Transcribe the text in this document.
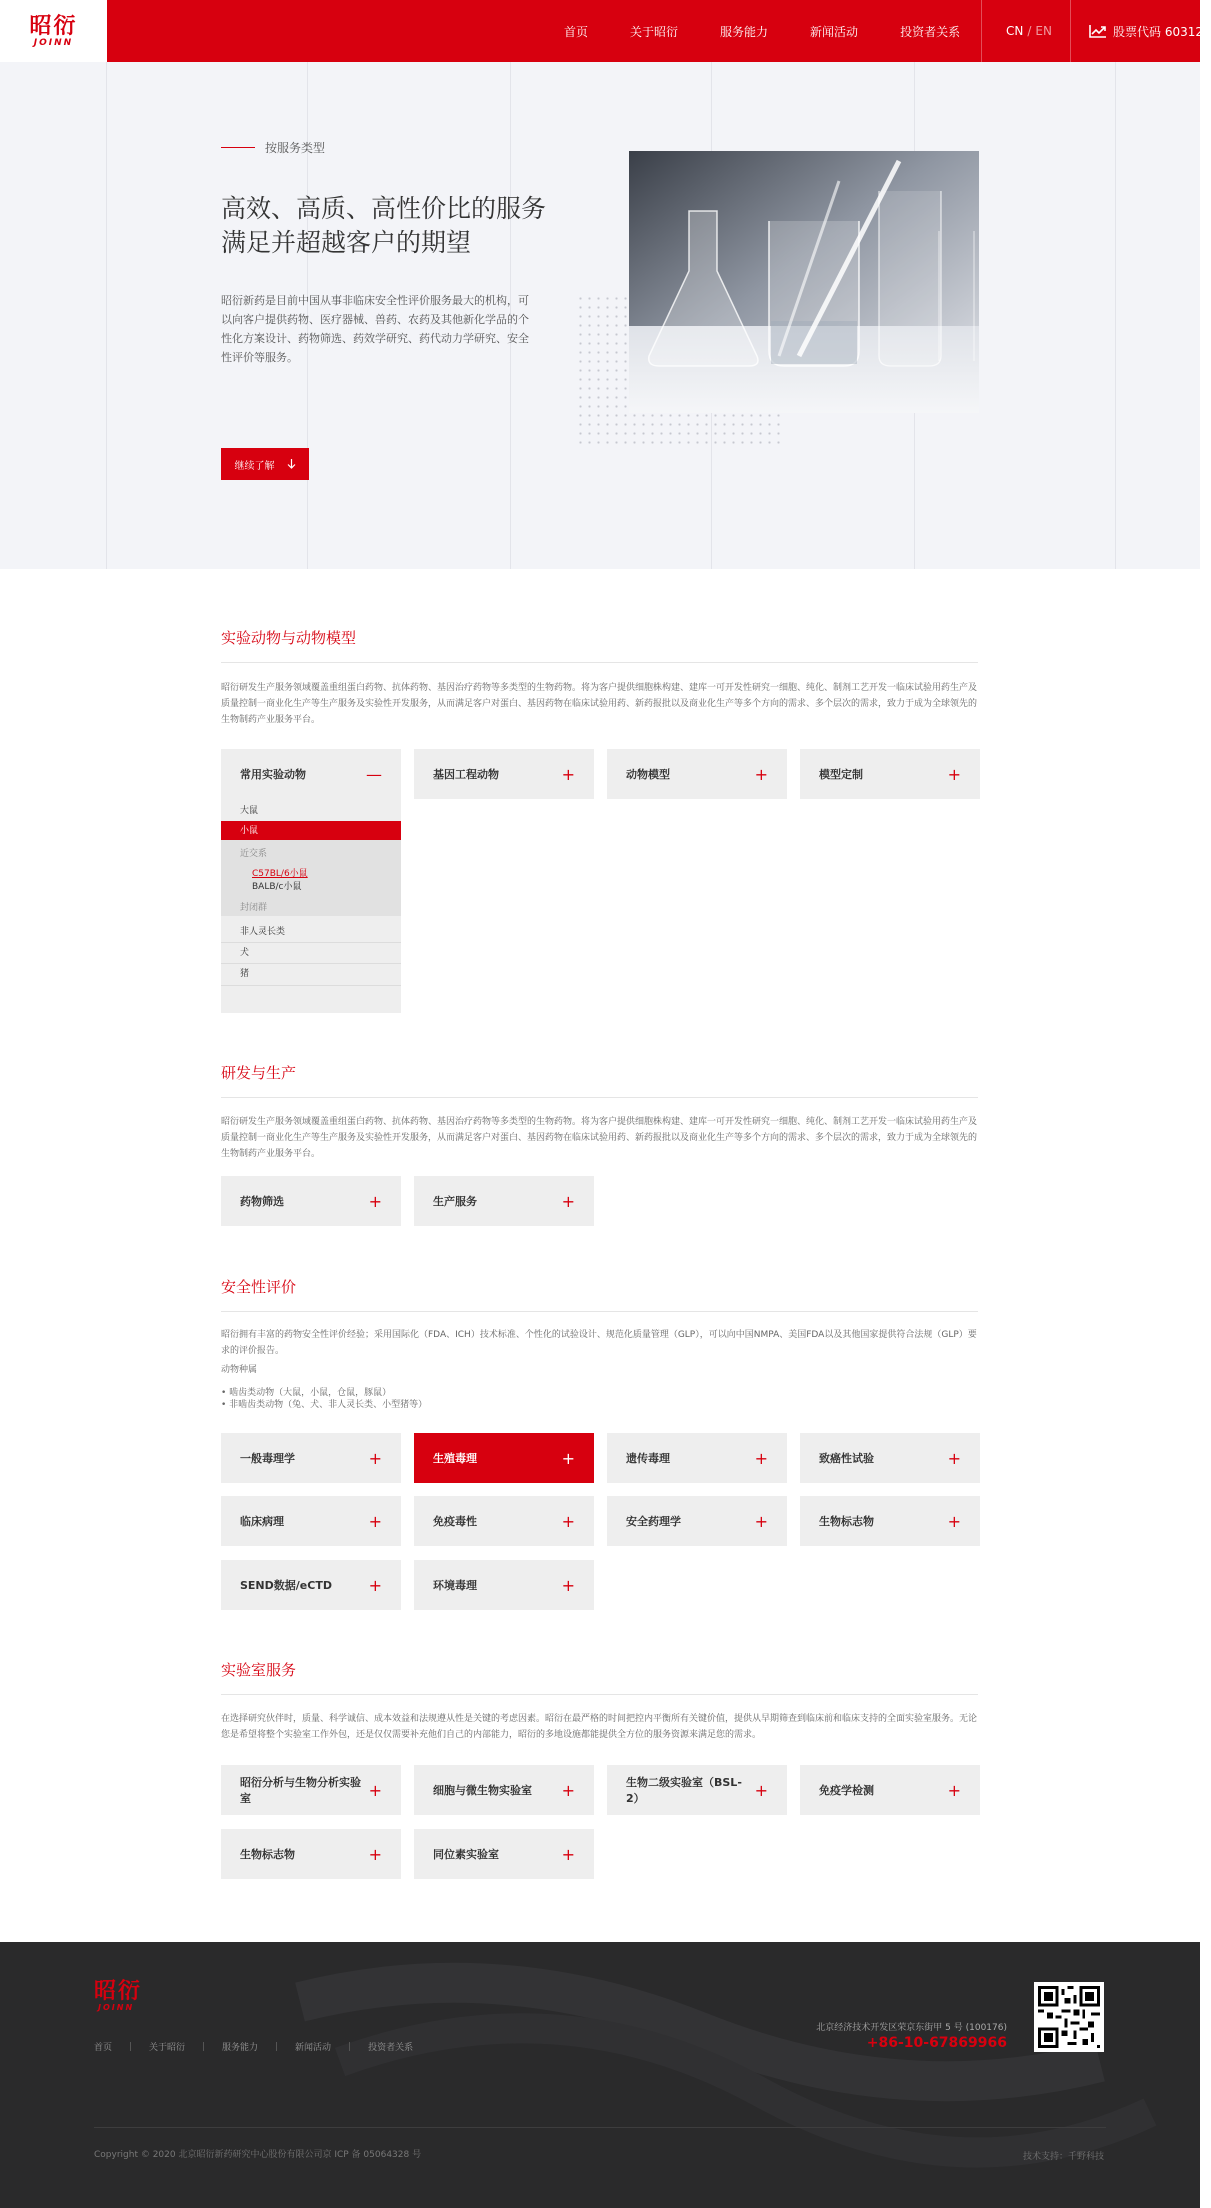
昭衍
JOINN
首页	关于昭衍	服务能力	新闻活动	投资者关系	CN / EN	股票代码 603127
按服务类型
高效、高质、高性价比的服务
满足并超越客户的期望

昭衍新药是目前中国从事非临床安全性评价服务最大的机构，可以向客户提供药物、医疗器械、兽药、农药及其他新化学品的个性化方案设计、药物筛选、药效学研究、药代动力学研究、安全性评价等服务。

继续了解
实验动物与动物模型

昭衍研发生产服务领域覆盖重组蛋白药物、抗体药物、基因治疗药物等多类型的生物药物。将为客户提供细胞株构建、建库一可开发性研究一细胞、纯化、制剂工艺开发一临床试验用药生产及质量控制一商业化生产等生产服务及实验性开发服务，从而满足客户对蛋白、基因药物在临床试验用药、新药报批以及商业化生产等多个方向的需求、多个层次的需求，致力于成为全球领先的生物制药产业服务平台。

常用实验动物	—	基因工程动物	+	动物模型	+	模型定制	+
大鼠
小鼠
近交系
C57BL/6小鼠
BALB/c小鼠
封闭群
非人灵长类
犬
猪
研发与生产

昭衍研发生产服务领域覆盖重组蛋白药物、抗体药物、基因治疗药物等多类型的生物药物。将为客户提供细胞株构建、建库一可开发性研究一细胞、纯化、制剂工艺开发一临床试验用药生产及质量控制一商业化生产等生产服务及实验性开发服务，从而满足客户对蛋白、基因药物在临床试验用药、新药报批以及商业化生产等多个方向的需求、多个层次的需求，致力于成为全球领先的生物制药产业服务平台。

药物筛选	+	生产服务	+
安全性评价

昭衍拥有丰富的药物安全性评价经验；采用国际化（FDA、ICH）技术标准、个性化的试验设计、规范化质量管理（GLP），可以向中国NMPA、美国FDA以及其他国家提供符合法规（GLP）要求的评价报告。

动物种属

• 啮齿类动物（大鼠，小鼠，仓鼠，豚鼠）

• 非啮齿类动物（兔、犬、非人灵长类、小型猪等）

一般毒理学	+	生殖毒理	+	遗传毒理	+	致癌性试验	+
临床病理	+	免疫毒性	+	安全药理学	+	生物标志物	+
SEND数据/eCTD +	环境毒理	+
实验室服务

在选择研究伙伴时，质量、科学诚信、成本效益和法规遵从性是关键的考虑因素。昭衍在最严格的时间把控内平衡所有关键价值，提供从早期筛查到临床前和临床支持的全面实验室服务。无论您是希望将整个实验室工作外包，还是仅仅需要补充他们自己的内部能力，昭衍的多地设施都能提供全方位的服务资源来满足您的需求。

昭衍分析与生物分析实验室	+	细胞与微生物实验室 +	生物二级实验室（BSL-2）	+	免疫学检测	+
生物标志物	+	同位素实验室	+
昭衍
JOINN
首页	关于昭衍	服务能力	新闻活动	投资者关系
北京经济技术开发区荣京东街甲 5 号 (100176)
+86-10-67869966
Copyright © 2020 北京昭衍新药研究中心股份有限公司京 ICP 备 05064328 号	技术支持：千野科技
